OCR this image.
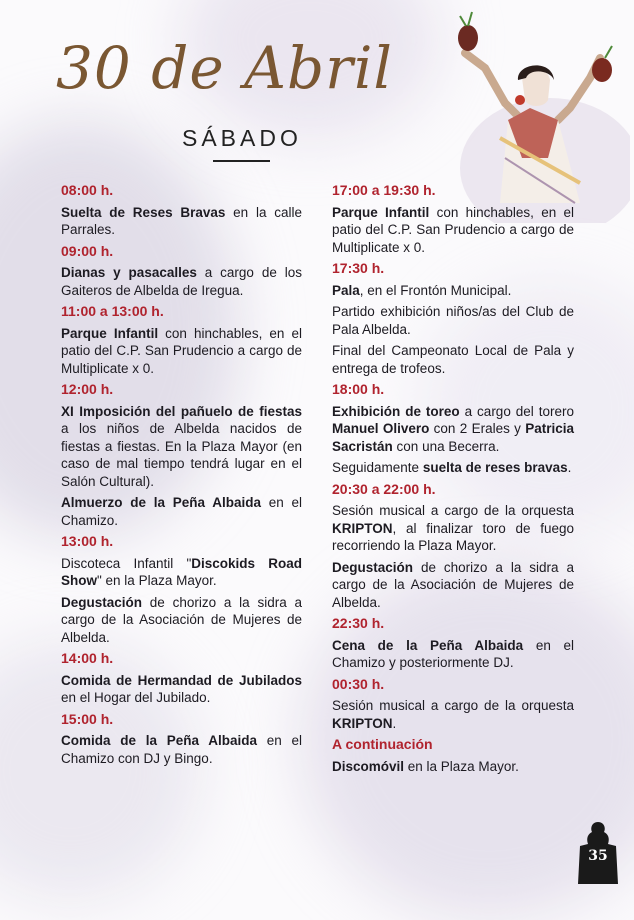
30 de Abril
SÁBADO
08:00 h.
Suelta de Reses Bravas en la calle Parrales.
09:00 h.
Dianas y pasacalles a cargo de los Gaiteros de Albelda de Iregua.
11:00 a 13:00 h.
Parque Infantil con hinchables, en el patio del C.P. San Prudencio a cargo de Multiplicate x 0.
12:00 h.
XI Imposición del pañuelo de fiestas a los niños de Albelda nacidos de fiestas a fiestas. En la Plaza Mayor (en caso de mal tiempo tendrá lugar en el Salón Cultural).
Almuerzo de la Peña Albaida en el Chamizo.
13:00 h.
Discoteca Infantil "Discokids Road Show" en la Plaza Mayor.
Degustación de chorizo a la sidra a cargo de la Asociación de Mujeres de Albelda.
14:00 h.
Comida de Hermandad de Jubilados en el Hogar del Jubilado.
15:00 h.
Comida de la Peña Albaida en el Chamizo con DJ y Bingo.
17:00 a 19:30 h.
Parque Infantil con hinchables, en el patio del C.P. San Prudencio a cargo de Multiplicate x 0.
17:30 h.
Pala, en el Frontón Municipal.
Partido exhibición niños/as del Club de Pala Albelda.
Final del Campeonato Local de Pala y entrega de trofeos.
18:00 h.
Exhibición de toreo a cargo del torero Manuel Olivero con 2 Erales y Patricia Sacristán con una Becerra.
Seguidamente suelta de reses bravas.
20:30 a 22:00 h.
Sesión musical a cargo de la orquesta KRIPTON, al finalizar toro de fuego recorriendo la Plaza Mayor.
Degustación de chorizo a la sidra a cargo de la Asociación de Mujeres de Albelda.
22:30 h.
Cena de la Peña Albaida en el Chamizo y posteriormente DJ.
00:30 h.
Sesión musical a cargo de la orquesta KRIPTON.
A continuación
Discomóvil en la Plaza Mayor.
35
